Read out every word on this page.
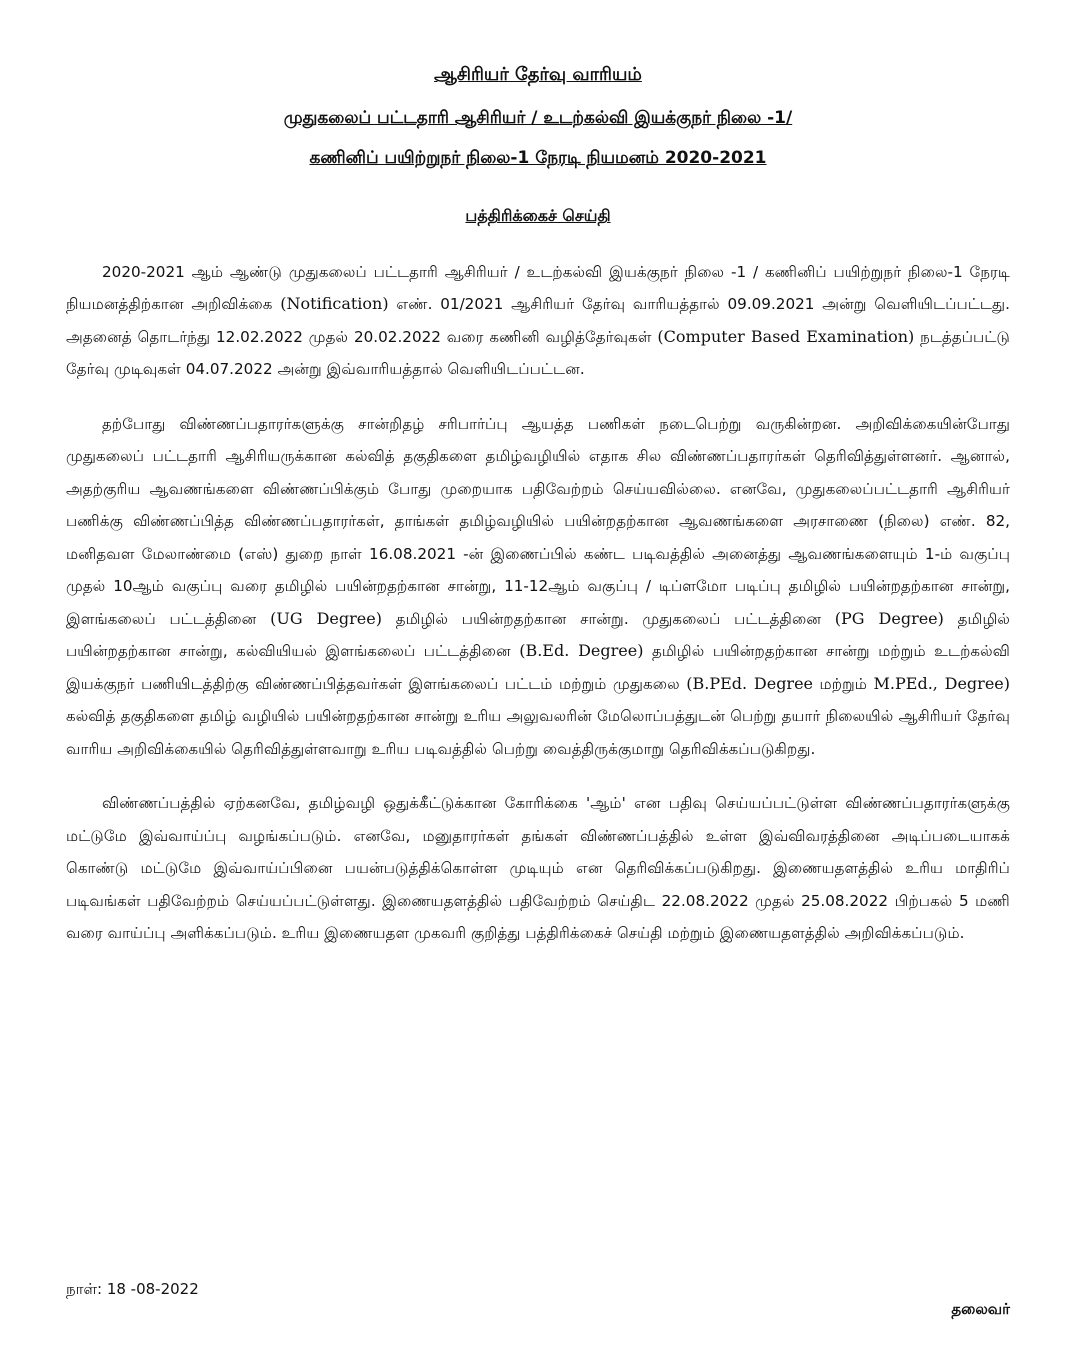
ஆசிரியர் தேர்வு வாரியம்

முதுகலைப் பட்டதாரி ஆசிரியர் / உடற்கல்வி இயக்குநர் நிலை -1/

கணினிப் பயிற்றுநர் நிலை-1 நேரடி நியமனம் 2020-2021

பத்திரிக்கைச் செய்தி

2020-2021 ஆம் ஆண்டு முதுகலைப் பட்டதாரி ஆசிரியர் / உடற்கல்வி இயக்குநர் நிலை -1 / கணினிப் பயிற்றுநர் நிலை-1 நேரடி நியமனத்திற்கான அறிவிக்கை (Notification) எண். 01/2021 ஆசிரியர் தேர்வு வாரியத்தால் 09.09.2021 அன்று வெளியிடப்பட்டது. அதனைத் தொடர்ந்து 12.02.2022 முதல் 20.02.2022 வரை கணினி வழித்தேர்வுகள் (Computer Based Examination) நடத்தப்பட்டு தேர்வு முடிவுகள் 04.07.2022 அன்று இவ்வாரியத்தால் வெளியிடப்பட்டன.

தற்போது விண்ணப்பதாரர்களுக்கு சான்றிதழ் சரிபார்ப்பு ஆயத்த பணிகள் நடைபெற்று வருகின்றன. அறிவிக்கையின்போது முதுகலைப் பட்டதாரி ஆசிரியருக்கான கல்வித் தகுதிகளை தமிழ்வழியில் எதாக சில விண்ணப்பதாரர்கள் தெரிவித்துள்ளனர். ஆனால், அதற்குரிய ஆவணங்களை விண்ணப்பிக்கும் போது முறையாக பதிவேற்றம் செய்யவில்லை. எனவே, முதுகலைப்பட்டதாரி ஆசிரியர் பணிக்கு விண்ணப்பித்த விண்ணப்பதாரர்கள், தாங்கள் தமிழ்வழியில் பயின்றதற்கான ஆவணங்களை அரசாணை (நிலை) எண். 82, மனிதவள மேலாண்மை (எஸ்) துறை நாள் 16.08.2021 -ன் இணைப்பில் கண்ட படிவத்தில் அனைத்து ஆவணங்களையும் 1-ம் வகுப்பு முதல் 10ஆம் வகுப்பு வரை தமிழில் பயின்றதற்கான சான்று, 11-12ஆம் வகுப்பு / டிப்ளமோ படிப்பு தமிழில் பயின்றதற்கான சான்று, இளங்கலைப் பட்டத்தினை (UG Degree) தமிழில் பயின்றதற்கான சான்று. முதுகலைப் பட்டத்தினை (PG Degree) தமிழில் பயின்றதற்கான சான்று, கல்வியியல் இளங்கலைப் பட்டத்தினை (B.Ed. Degree) தமிழில் பயின்றதற்கான சான்று மற்றும் உடற்கல்வி இயக்குநர் பணியிடத்திற்கு விண்ணப்பித்தவர்கள் இளங்கலைப் பட்டம் மற்றும் முதுகலை (B.PEd. Degree மற்றும் M.PEd., Degree) கல்வித் தகுதிகளை தமிழ் வழியில் பயின்றதற்கான சான்று உரிய அலுவலரின் மேலொப்பத்துடன் பெற்று தயார் நிலையில் ஆசிரியர் தேர்வு வாரிய அறிவிக்கையில் தெரிவித்துள்ளவாறு உரிய படிவத்தில் பெற்று வைத்திருக்குமாறு தெரிவிக்கப்படுகிறது.

விண்ணப்பத்தில் ஏற்கனவே, தமிழ்வழி ஒதுக்கீட்டுக்கான கோரிக்கை 'ஆம்' என பதிவு செய்யப்பட்டுள்ள விண்ணப்பதாரர்களுக்கு மட்டுமே இவ்வாய்ப்பு வழங்கப்படும். எனவே, மனுதாரர்கள் தங்கள் விண்ணப்பத்தில் உள்ள இவ்விவரத்தினை அடிப்படையாகக் கொண்டு மட்டுமே இவ்வாய்ப்பினை பயன்படுத்திக்கொள்ள முடியும் என தெரிவிக்கப்படுகிறது. இணையதளத்தில் உரிய மாதிரிப் படிவங்கள் பதிவேற்றம் செய்யப்பட்டுள்ளது. இணையதளத்தில் பதிவேற்றம் செய்திட 22.08.2022 முதல் 25.08.2022 பிற்பகல் 5 மணி வரை வாய்ப்பு அளிக்கப்படும். உரிய இணையதள முகவரி குறித்து பத்திரிக்கைச் செய்தி மற்றும் இணையதளத்தில் அறிவிக்கப்படும்.

நாள்: 18 -08-2022
தலைவர்
